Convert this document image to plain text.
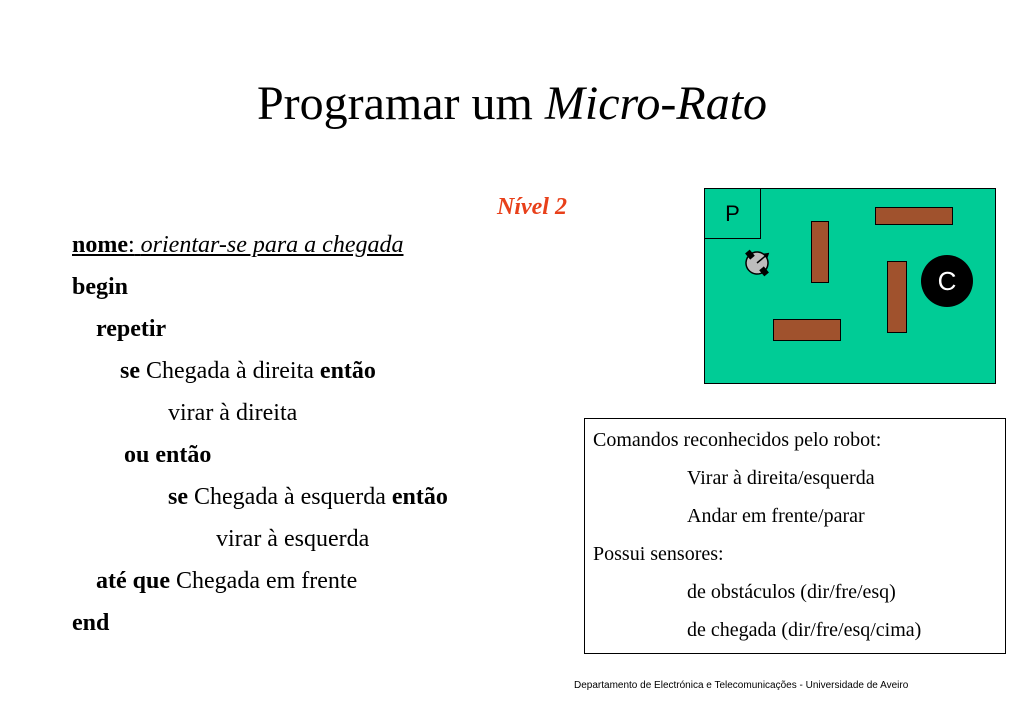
Programar um Micro-Rato
Nível 2
nome: orientar-se para a chegada
begin
repetir
se Chegada à direita então
virar à direita
ou então
se Chegada à esquerda então
virar à esquerda
até que Chegada em frente
end
P
C
Comandos reconhecidos pelo robot:
Virar à direita/esquerda
Andar em frente/parar
Possui sensores:
de obstáculos (dir/fre/esq)
de chegada (dir/fre/esq/cima)
Departamento de Electrónica e Telecomunicações - Universidade de Aveiro
